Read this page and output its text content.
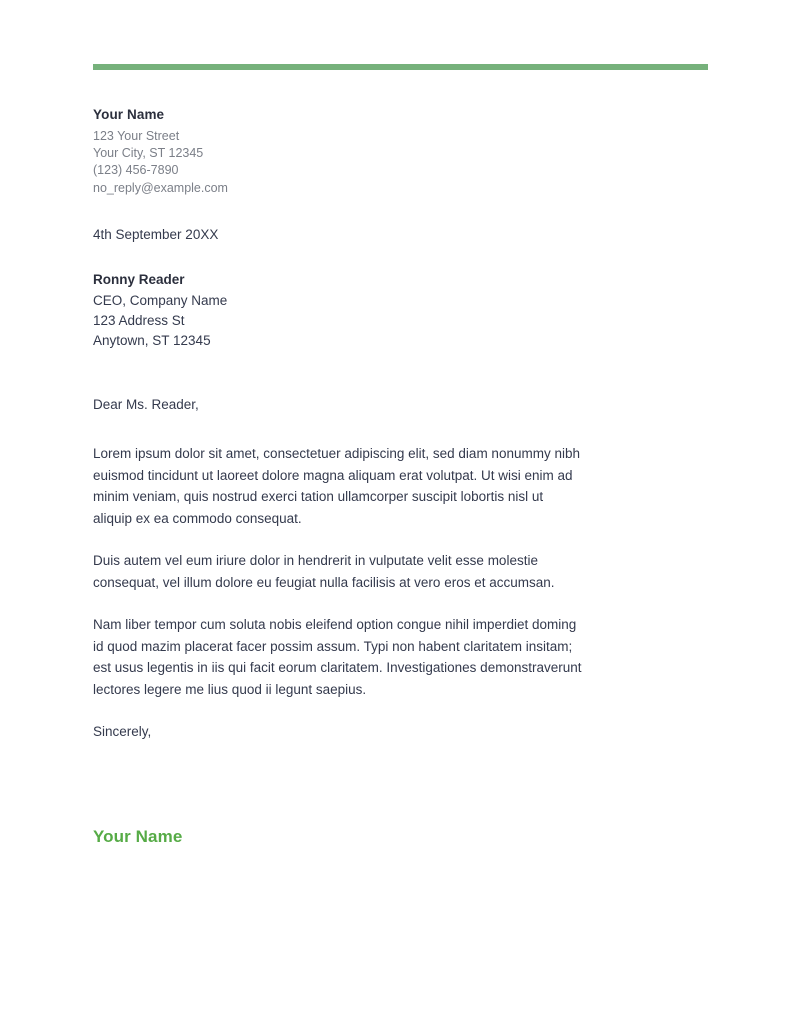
Your Name

123 Your Street

Your City, ST 12345

(123) 456-7890

no_reply@example.com

4th September 20XX

Ronny Reader

CEO, Company Name

123 Address St

Anytown, ST 12345

Dear Ms. Reader,

Lorem ipsum dolor sit amet, consectetuer adipiscing elit, sed diam nonummy nibh euismod tincidunt ut laoreet dolore magna aliquam erat volutpat. Ut wisi enim ad minim veniam, quis nostrud exerci tation ullamcorper suscipit lobortis nisl ut aliquip ex ea commodo consequat.

Duis autem vel eum iriure dolor in hendrerit in vulputate velit esse molestie consequat, vel illum dolore eu feugiat nulla facilisis at vero eros et accumsan.

Nam liber tempor cum soluta nobis eleifend option congue nihil imperdiet doming id quod mazim placerat facer possim assum. Typi non habent claritatem insitam; est usus legentis in iis qui facit eorum claritatem. Investigationes demonstraverunt lectores legere me lius quod ii legunt saepius.

Sincerely,

Your Name
